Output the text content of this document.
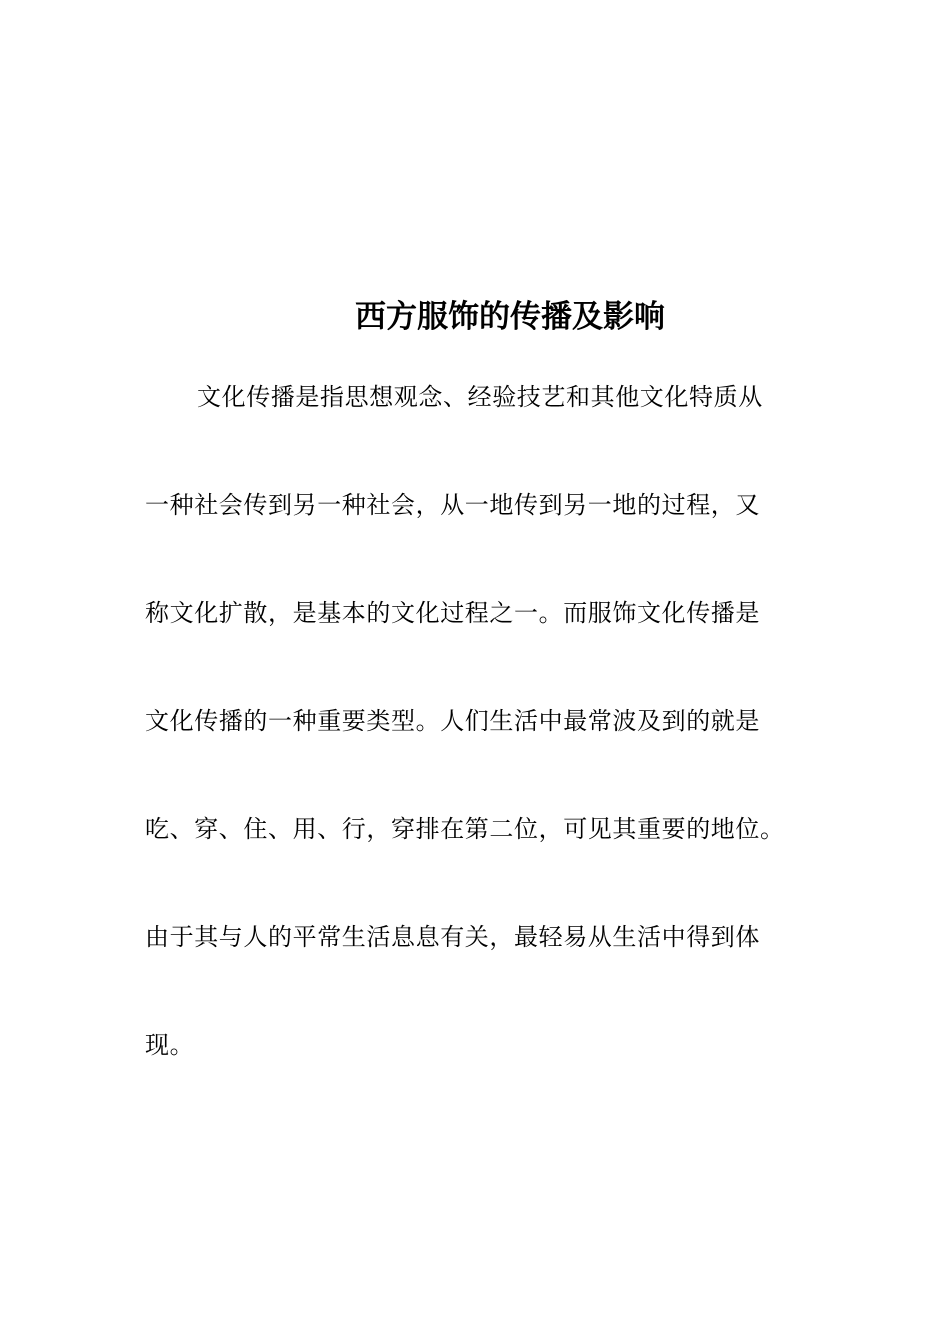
西方服饰的传播及影响
文化传播是指思想观念、经验技艺和其他文化特质从
一种社会传到另一种社会，从一地传到另一地的过程，又
称文化扩散，是基本的文化过程之一。而服饰文化传播是
文化传播的一种重要类型。人们生活中最常波及到的就是
吃、穿、住、用、行，穿排在第二位，可见其重要的地位。
由于其与人的平常生活息息有关，最轻易从生活中得到体
现。
